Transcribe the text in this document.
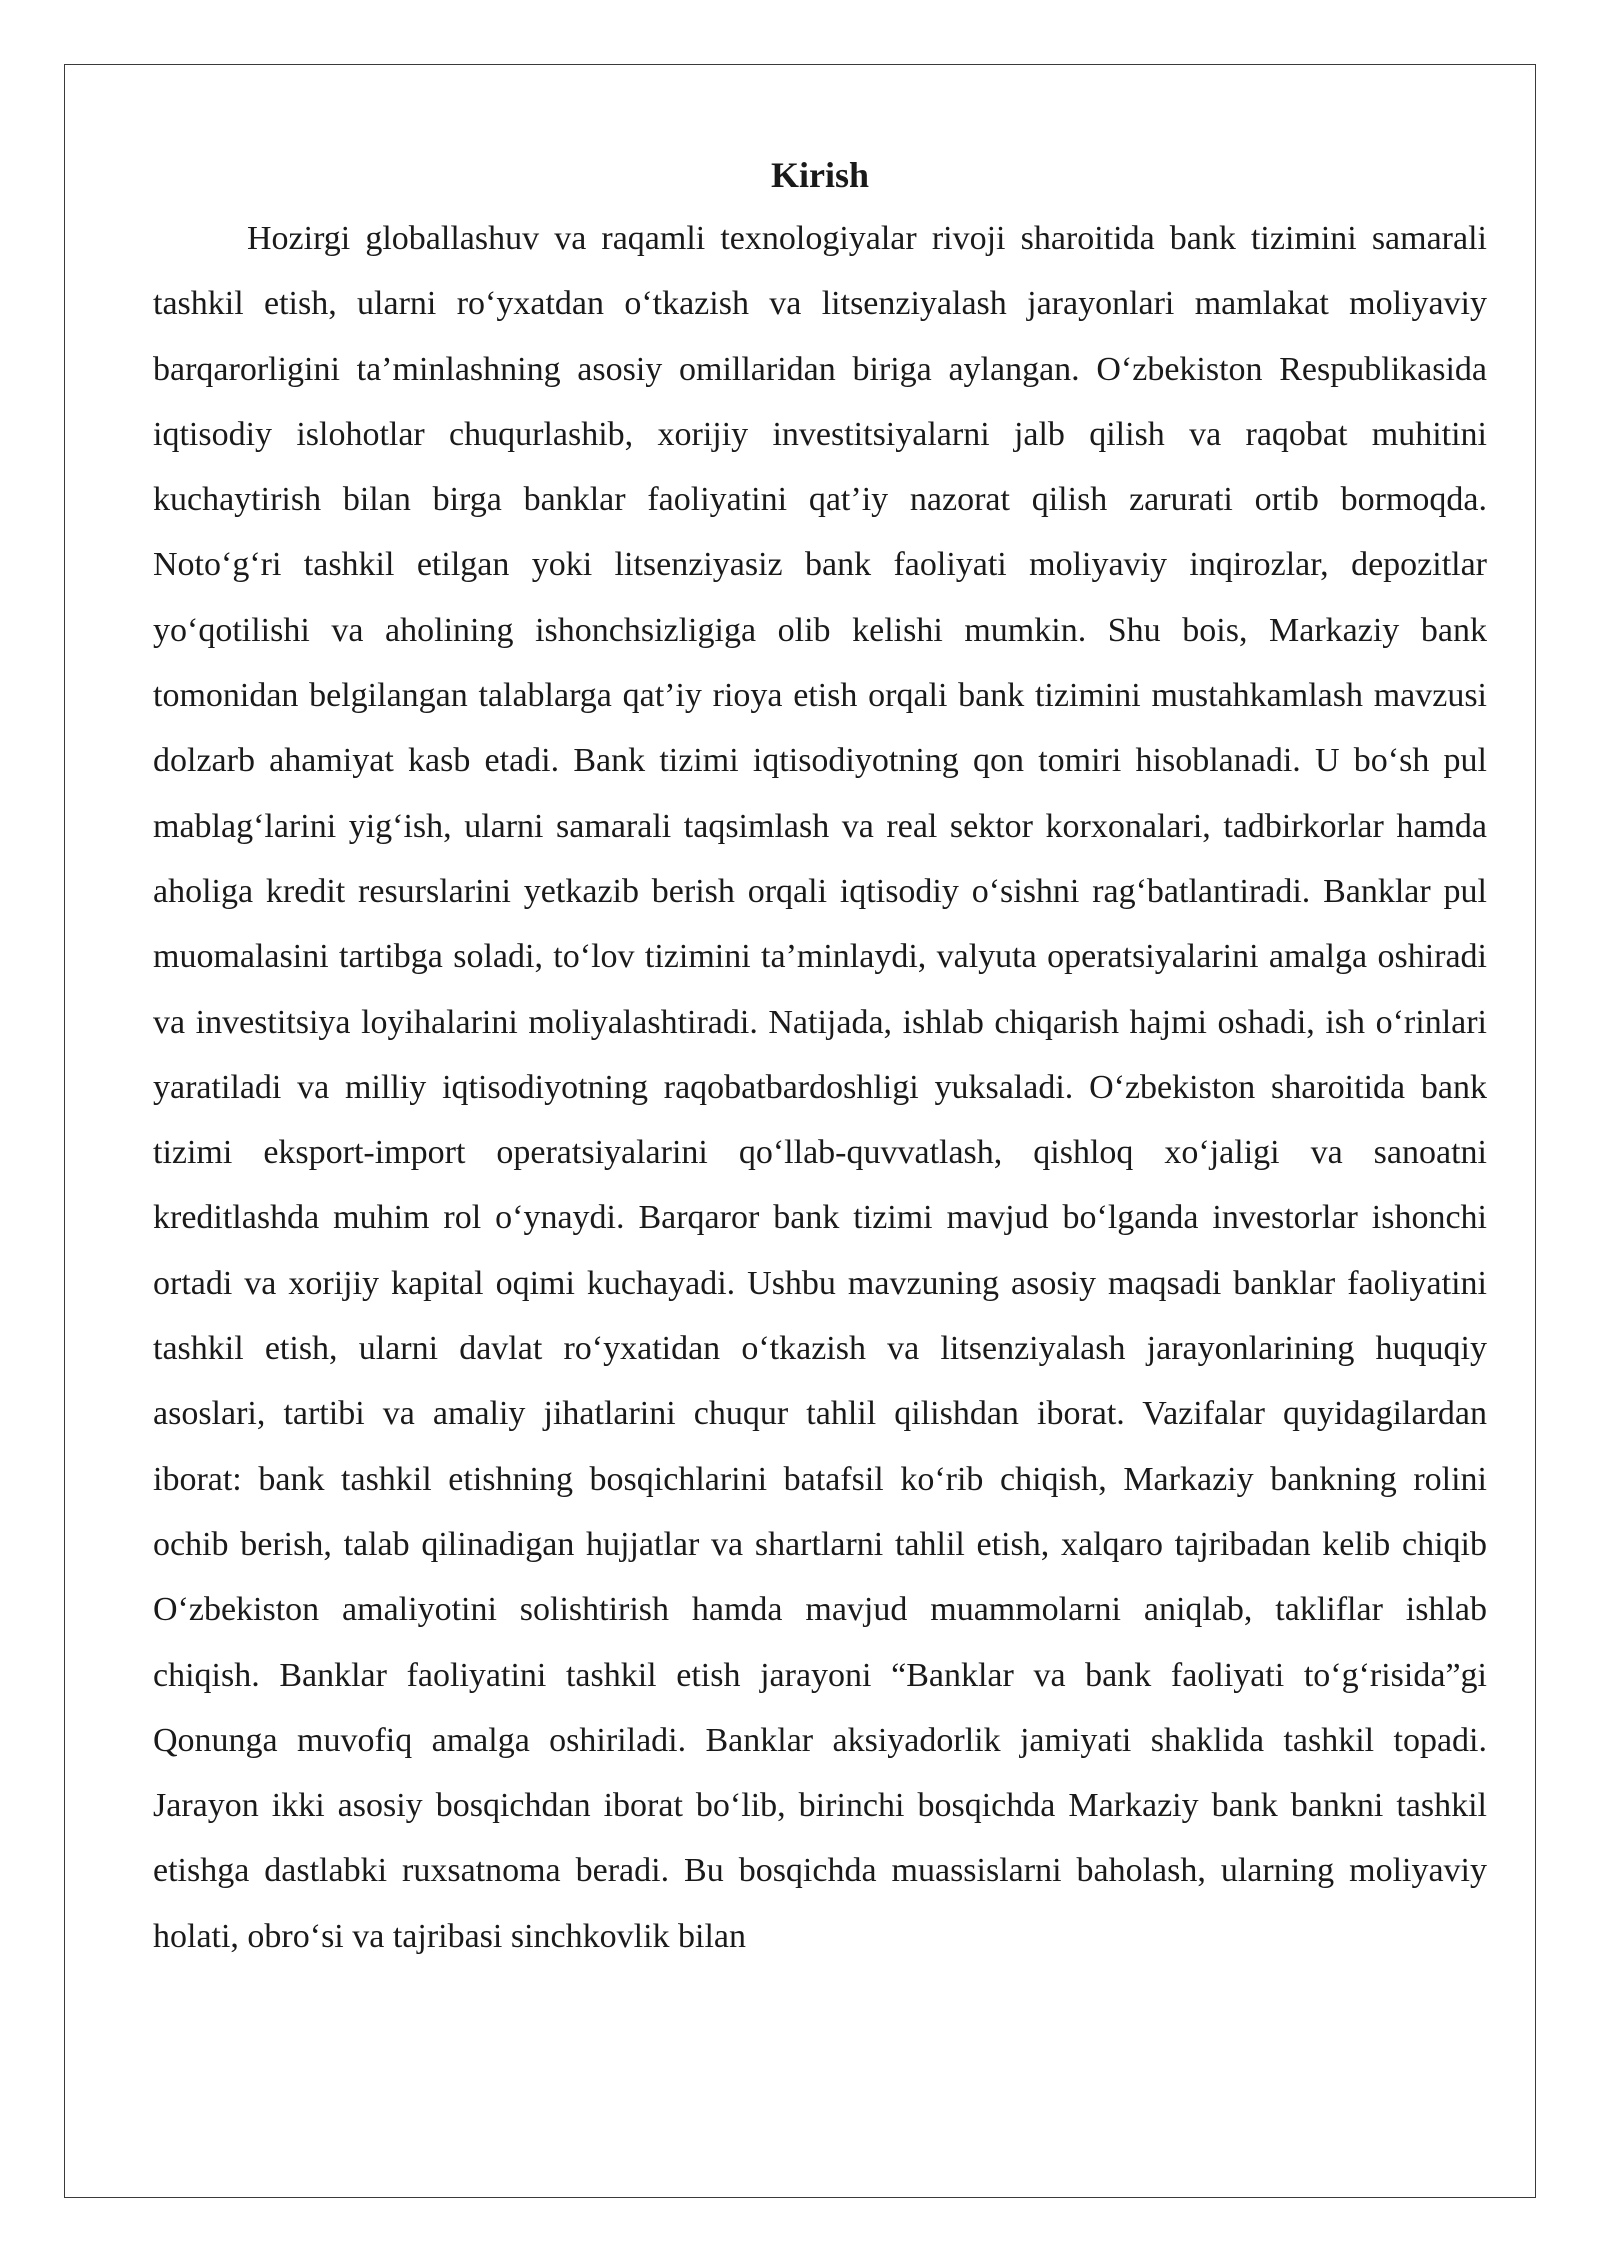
Kirish

Hozirgi globallashuv va raqamli texnologiyalar rivoji sharoitida bank tizimini samarali tashkil etish, ularni ro‘yxatdan o‘tkazish va litsenziyalash jarayonlari mamlakat moliyaviy barqarorligini ta’minlashning asosiy omillaridan biriga aylangan. O‘zbekiston Respublikasida iqtisodiy islohotlar chuqurlashib, xorijiy investitsiyalarni jalb qilish va raqobat muhitini kuchaytirish bilan birga banklar faoliyatini qat’iy nazorat qilish zarurati ortib bormoqda. Noto‘g‘ri tashkil etilgan yoki litsenziyasiz bank faoliyati moliyaviy inqirozlar, depozitlar yo‘qotilishi va aholining ishonchsizligiga olib kelishi mumkin. Shu bois, Markaziy bank tomonidan belgilangan talablarga qat’iy rioya etish orqali bank tizimini mustahkamlash mavzusi dolzarb ahamiyat kasb etadi. Bank tizimi iqtisodiyotning qon tomiri hisoblanadi. U bo‘sh pul mablag‘larini yig‘ish, ularni samarali taqsimlash va real sektor korxonalari, tadbirkorlar hamda aholiga kredit resurslarini yetkazib berish orqali iqtisodiy o‘sishni rag‘batlantiradi. Banklar pul muomalasini tartibga soladi, to‘lov tizimini ta’minlaydi, valyuta operatsiyalarini amalga oshiradi va investitsiya loyihalarini moliyalashtiradi. Natijada, ishlab chiqarish hajmi oshadi, ish o‘rinlari yaratiladi va milliy iqtisodiyotning raqobatbardoshligi yuksaladi. O‘zbekiston sharoitida bank tizimi eksport-import operatsiyalarini qo‘llab-quvvatlash, qishloq xo‘jaligi va sanoatni kreditlashda muhim rol o‘ynaydi. Barqaror bank tizimi mavjud bo‘lganda investorlar ishonchi ortadi va xorijiy kapital oqimi kuchayadi. Ushbu mavzuning asosiy maqsadi banklar faoliyatini tashkil etish, ularni davlat ro‘yxatidan o‘tkazish va litsenziyalash jarayonlarining huquqiy asoslari, tartibi va amaliy jihatlarini chuqur tahlil qilishdan iborat. Vazifalar quyidagilardan iborat: bank tashkil etishning bosqichlarini batafsil ko‘rib chiqish, Markaziy bankning rolini ochib berish, talab qilinadigan hujjatlar va shartlarni tahlil etish, xalqaro tajribadan kelib chiqib O‘zbekiston amaliyotini solishtirish hamda mavjud muammolarni aniqlab, takliflar ishlab chiqish. Banklar faoliyatini tashkil etish jarayoni “Banklar va bank faoliyati to‘g‘risida”gi Qonunga muvofiq amalga oshiriladi. Banklar aksiyadorlik jamiyati shaklida tashkil topadi. Jarayon ikki asosiy bosqichdan iborat bo‘lib, birinchi bosqichda Markaziy bank bankni tashkil etishga dastlabki ruxsatnoma beradi. Bu bosqichda muassislarni baholash, ularning moliyaviy holati, obro‘si va tajribasi sinchkovlik bilan
